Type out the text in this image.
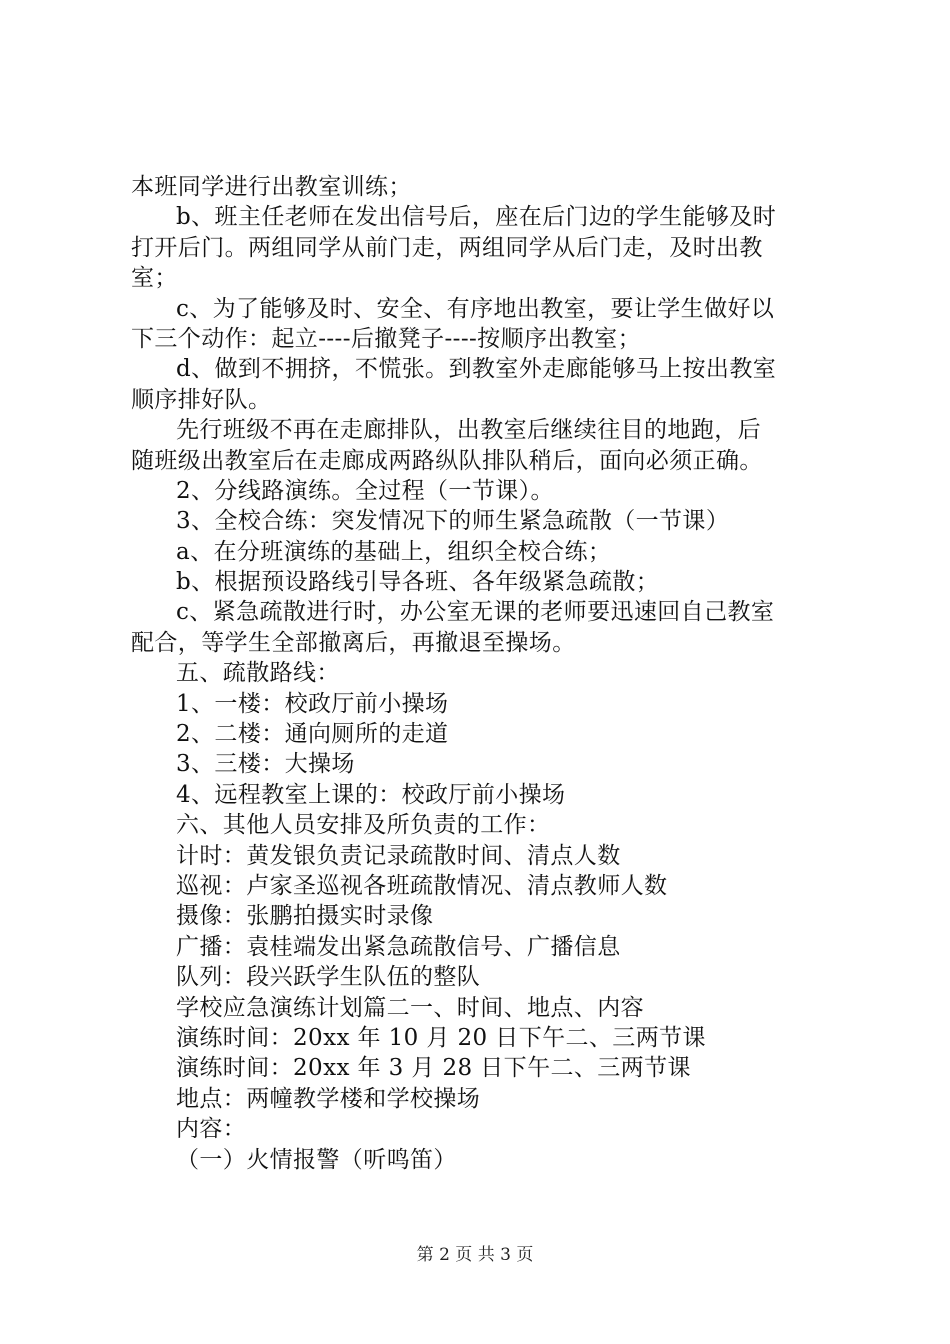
本班同学进行出教室训练；
b、班主任老师在发出信号后，座在后门边的学生能够及时
打开后门。两组同学从前门走，两组同学从后门走，及时出教
室；
c、为了能够及时、安全、有序地出教室，要让学生做好以
下三个动作：起立----后撤凳子----按顺序出教室；
d、做到不拥挤，不慌张。到教室外走廊能够马上按出教室
顺序排好队。
先行班级不再在走廊排队，出教室后继续往目的地跑，后
随班级出教室后在走廊成两路纵队排队稍后，面向必须正确。
2、分线路演练。全过程（一节课）。
3、全校合练：突发情况下的师生紧急疏散（一节课）
a、在分班演练的基础上，组织全校合练；
b、根据预设路线引导各班、各年级紧急疏散；
c、紧急疏散进行时，办公室无课的老师要迅速回自己教室
配合，等学生全部撤离后，再撤退至操场。
五、疏散路线：
1、一楼：校政厅前小操场
2、二楼：通向厕所的走道
3、三楼：大操场
4、远程教室上课的：校政厅前小操场
六、其他人员安排及所负责的工作：
计时：黄发银负责记录疏散时间、清点人数
巡视：卢家圣巡视各班疏散情况、清点教师人数
摄像：张鹏拍摄实时录像
广播：袁桂端发出紧急疏散信号、广播信息
队列：段兴跃学生队伍的整队
学校应急演练计划篇二一、时间、地点、内容
演练时间：20xx 年 10 月 20 日下午二、三两节课
演练时间：20xx 年 3 月 28 日下午二、三两节课
地点：两幢教学楼和学校操场
内容：
（一）火情报警（听鸣笛）
第 2 页 共 3 页
